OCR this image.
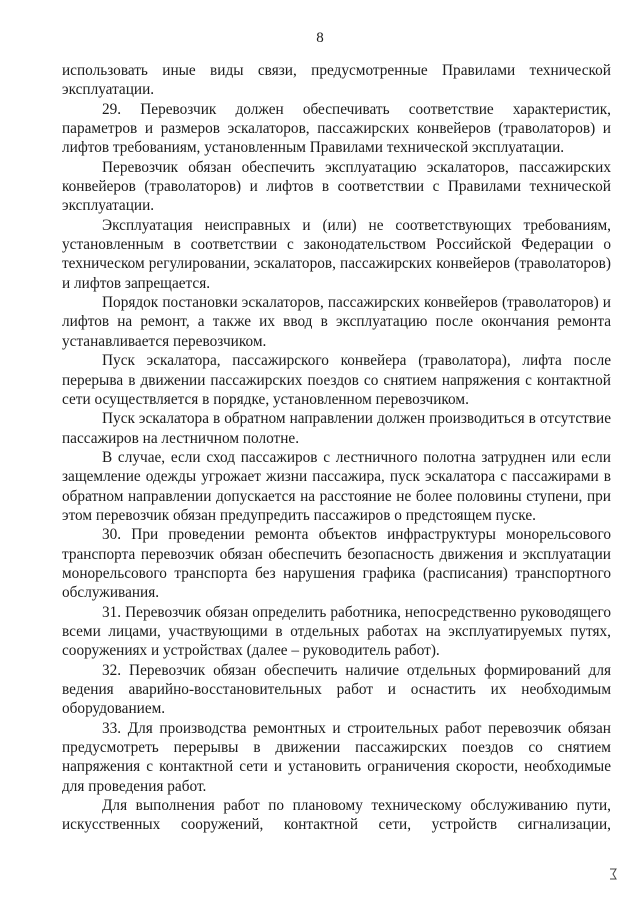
8

использовать иные виды связи, предусмотренные Правилами технической эксплуатации.

29. Перевозчик должен обеспечивать соответствие характеристик, параметров и размеров эскалаторов, пассажирских конвейеров (траволаторов) и лифтов требованиям, установленным Правилами технической эксплуатации.

Перевозчик обязан обеспечить эксплуатацию эскалаторов, пассажирских конвейеров (траволаторов) и лифтов в соответствии с Правилами технической эксплуатации.

Эксплуатация неисправных и (или) не соответствующих требованиям, установленным в соответствии с законодательством Российской Федерации о техническом регулировании, эскалаторов, пассажирских конвейеров (траволаторов) и лифтов запрещается.

Порядок постановки эскалаторов, пассажирских конвейеров (траволаторов) и лифтов на ремонт, а также их ввод в эксплуатацию после окончания ремонта устанавливается перевозчиком.

Пуск эскалатора, пассажирского конвейера (траволатора), лифта после перерыва в движении пассажирских поездов со снятием напряжения с контактной сети осуществляется в порядке, установленном перевозчиком.

Пуск эскалатора в обратном направлении должен производиться в отсутствие пассажиров на лестничном полотне.

В случае, если сход пассажиров с лестничного полотна затруднен или если защемление одежды угрожает жизни пассажира, пуск эскалатора с пассажирами в обратном направлении допускается на расстояние не более половины ступени, при этом перевозчик обязан предупредить пассажиров о предстоящем пуске.

30. При проведении ремонта объектов инфраструктуры монорельсового транспорта перевозчик обязан обеспечить безопасность движения и эксплуатации монорельсового транспорта без нарушения графика (расписания) транспортного обслуживания.

31. Перевозчик обязан определить работника, непосредственно руководящего всеми лицами, участвующими в отдельных работах на эксплуатируемых путях, сооружениях и устройствах (далее – руководитель работ).

32. Перевозчик обязан обеспечить наличие отдельных формирований для ведения аварийно-восстановительных работ и оснастить их необходимым оборудованием.

33. Для производства ремонтных и строительных работ перевозчик обязан предусмотреть перерывы в движении пассажирских поездов со снятием напряжения с контактной сети и установить ограничения скорости, необходимые для проведения работ.

Для выполнения работ по плановому техническому обслуживанию пути, искусственных сооружений, контактной сети, устройств сигнализации,
